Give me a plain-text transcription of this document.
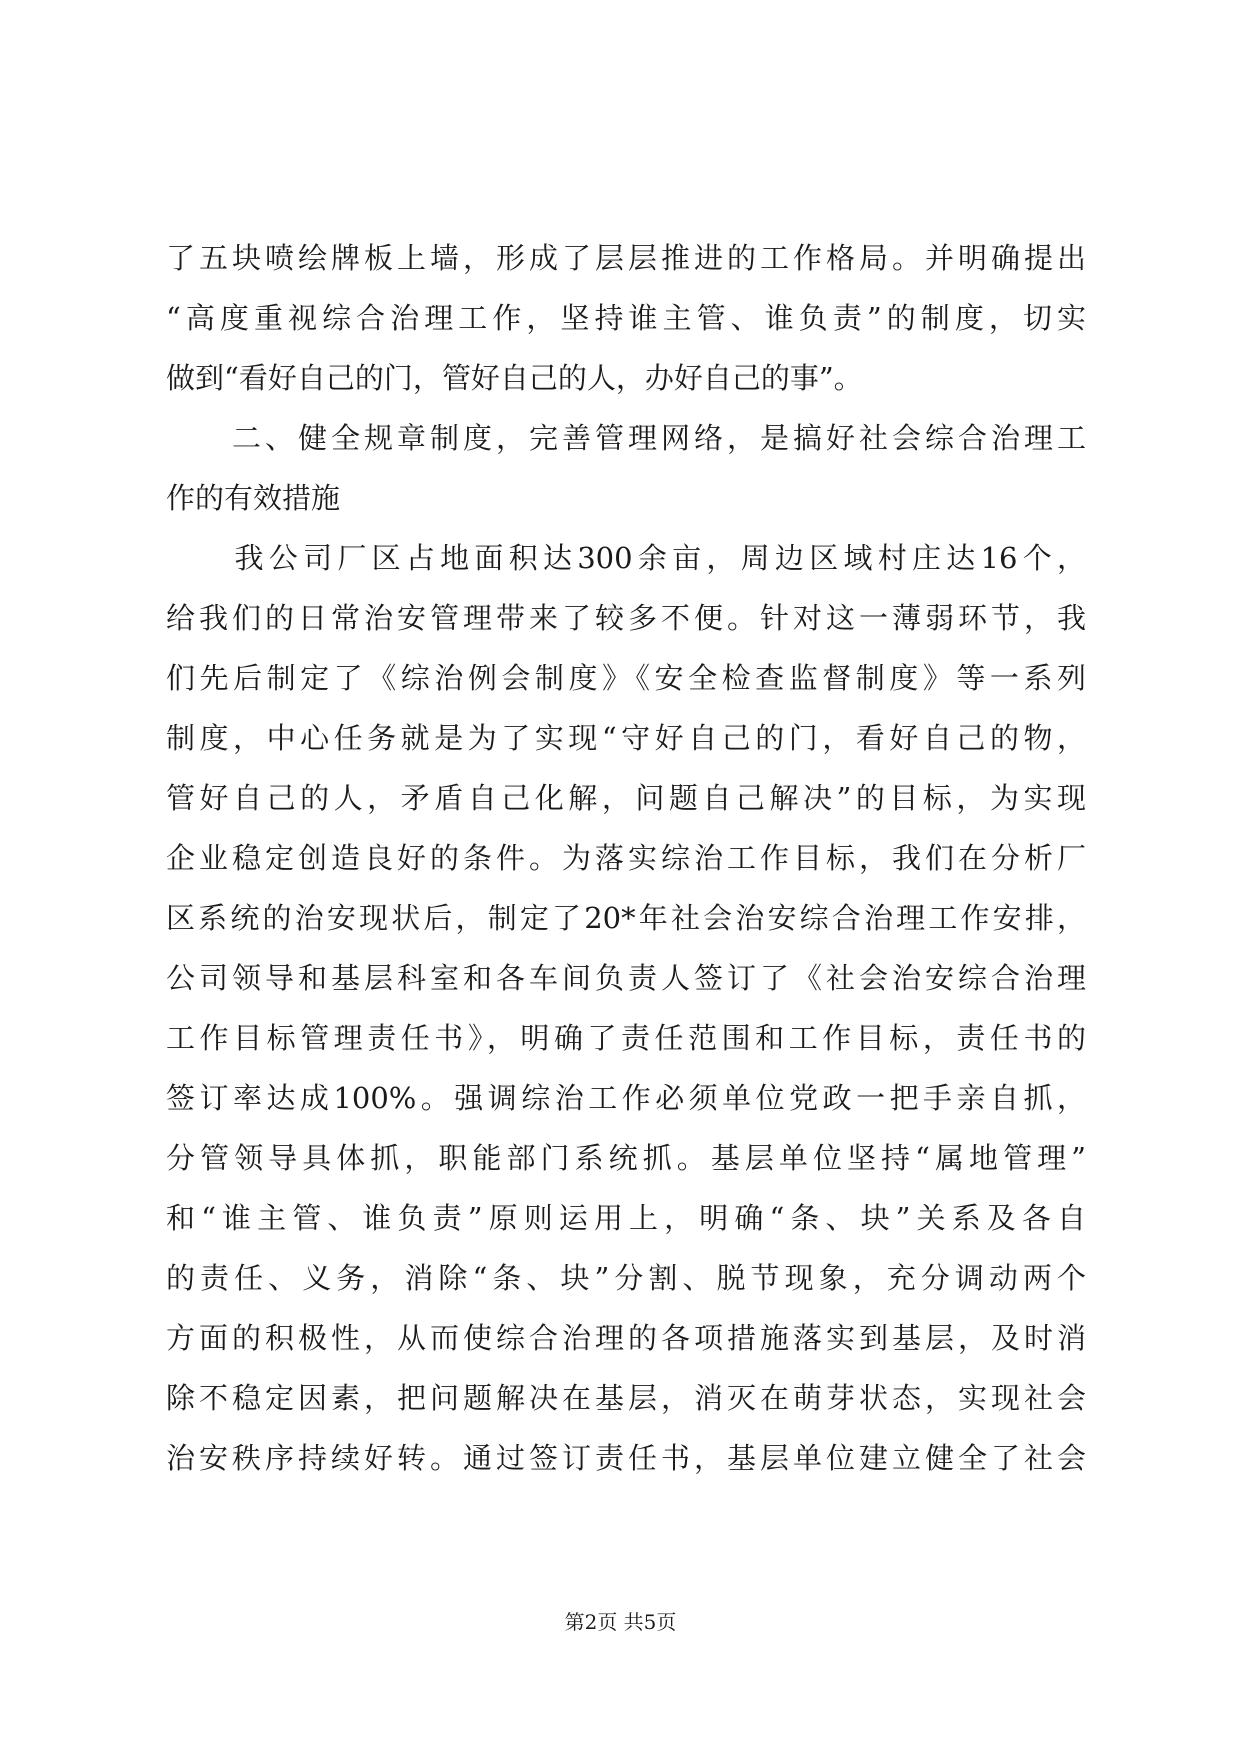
了五块喷绘牌板上墙，形成了层层推进的工作格局。并明确提出
“高度重视综合治理工作，坚持谁主管、谁负责”的制度，切实
做到“看好自己的门，管好自己的人，办好自己的事”。
　　二、健全规章制度，完善管理网络，是搞好社会综合治理工
作的有效措施
　　我公司厂区占地面积达300余亩，周边区域村庄达16个，
给我们的日常治安管理带来了较多不便。针对这一薄弱环节，我
们先后制定了《综治例会制度》《安全检查监督制度》等一系列
制度，中心任务就是为了实现“守好自己的门，看好自己的物，
管好自己的人，矛盾自己化解，问题自己解决”的目标，为实现
企业稳定创造良好的条件。为落实综治工作目标，我们在分析厂
区系统的治安现状后，制定了20*年社会治安综合治理工作安排，
公司领导和基层科室和各车间负责人签订了《社会治安综合治理
工作目标管理责任书》，明确了责任范围和工作目标，责任书的
签订率达成100%。强调综治工作必须单位党政一把手亲自抓，
分管领导具体抓，职能部门系统抓。基层单位坚持“属地管理”
和“谁主管、谁负责”原则运用上，明确“条、块”关系及各自
的责任、义务，消除“条、块”分割、脱节现象，充分调动两个
方面的积极性，从而使综合治理的各项措施落实到基层，及时消
除不稳定因素，把问题解决在基层，消灭在萌芽状态，实现社会
治安秩序持续好转。通过签订责任书，基层单位建立健全了社会
第2页 共5页
